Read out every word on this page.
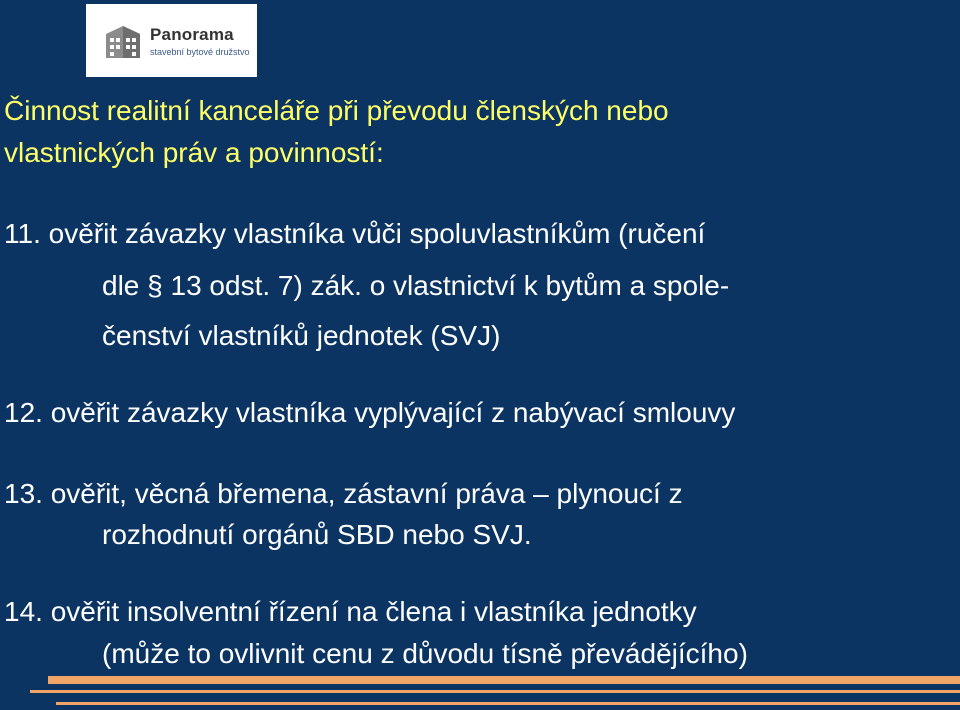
Panorama
stavební bytové družstvo

Činnost realitní kanceláře při převodu členských nebo

vlastnických práv a povinností:

11. ověřit závazky vlastníka vůči spoluvlastníkům (ručení

dle § 13 odst. 7) zák. o vlastnictví k bytům a spole-

čenství vlastníků jednotek (SVJ)

12. ověřit závazky vlastníka vyplývající z nabývací smlouvy

13. ověřit, věcná břemena, zástavní práva – plynoucí z

rozhodnutí orgánů SBD nebo SVJ.

14. ověřit insolventní řízení na člena i vlastníka jednotky

(může to ovlivnit cenu z důvodu tísně převádějícího)
